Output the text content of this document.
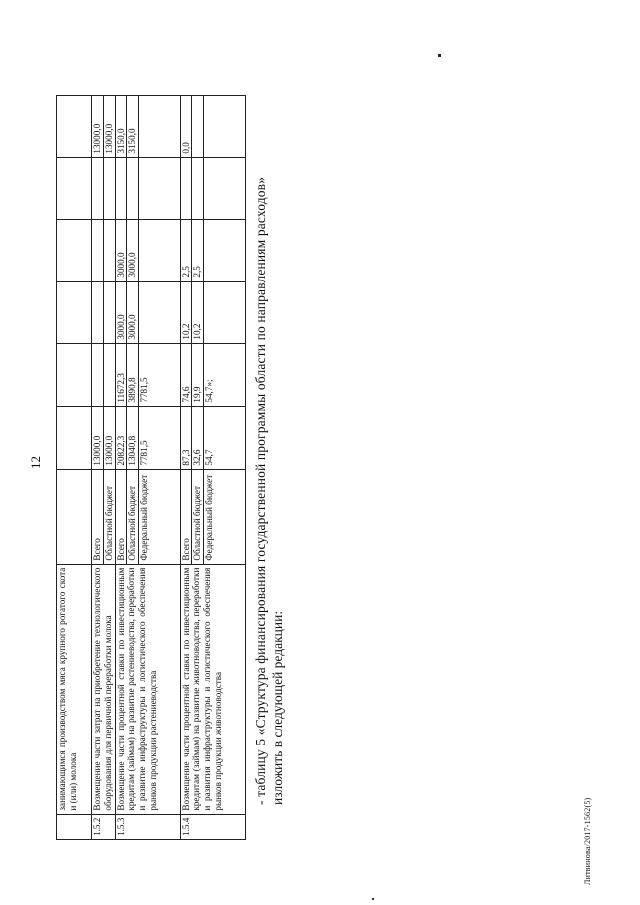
12
Литвинова/2017-1562(5)
	занимающимся производством мяса крупного рогатого скота и (или) молока							
1.5.2	Возмещение части затрат на приобретение технологического оборудования для первичной переработки молока	Всего Областной бюджет	13000,0 13000,0					13000,0 13000,0

1.5.3	Возмещение части процентной ставки по инвестиционным кредитам (займам) на развитие растениеводства, переработки и развитие инфраструктуры и логистического обеспечения рынков продукции растениеводства	Всего Областной бюджет Федеральный бюджет	20822,3 13040,8 7781,5	11672,3 3890,8 7781,5	3000,0 3000,0	3000,0 3000,0		3150,0 3150,0

1.5.4	Возмещение части процентной ставки по инвестиционным кредитам (займам) на развитие животноводства, переработки и развития инфраструктуры и логистического обеспечения рынков продукции животноводства	Всего Областной бюджет Федеральный бюджет	87,3 32,6 54,7	74,6 19,9 54,7»;	10,2 10,2	2,5 2,5		0,0
- таблицу 5 «Структура финансирования государственной программы области по направлениям расходов» изложить в следующей редакции:
